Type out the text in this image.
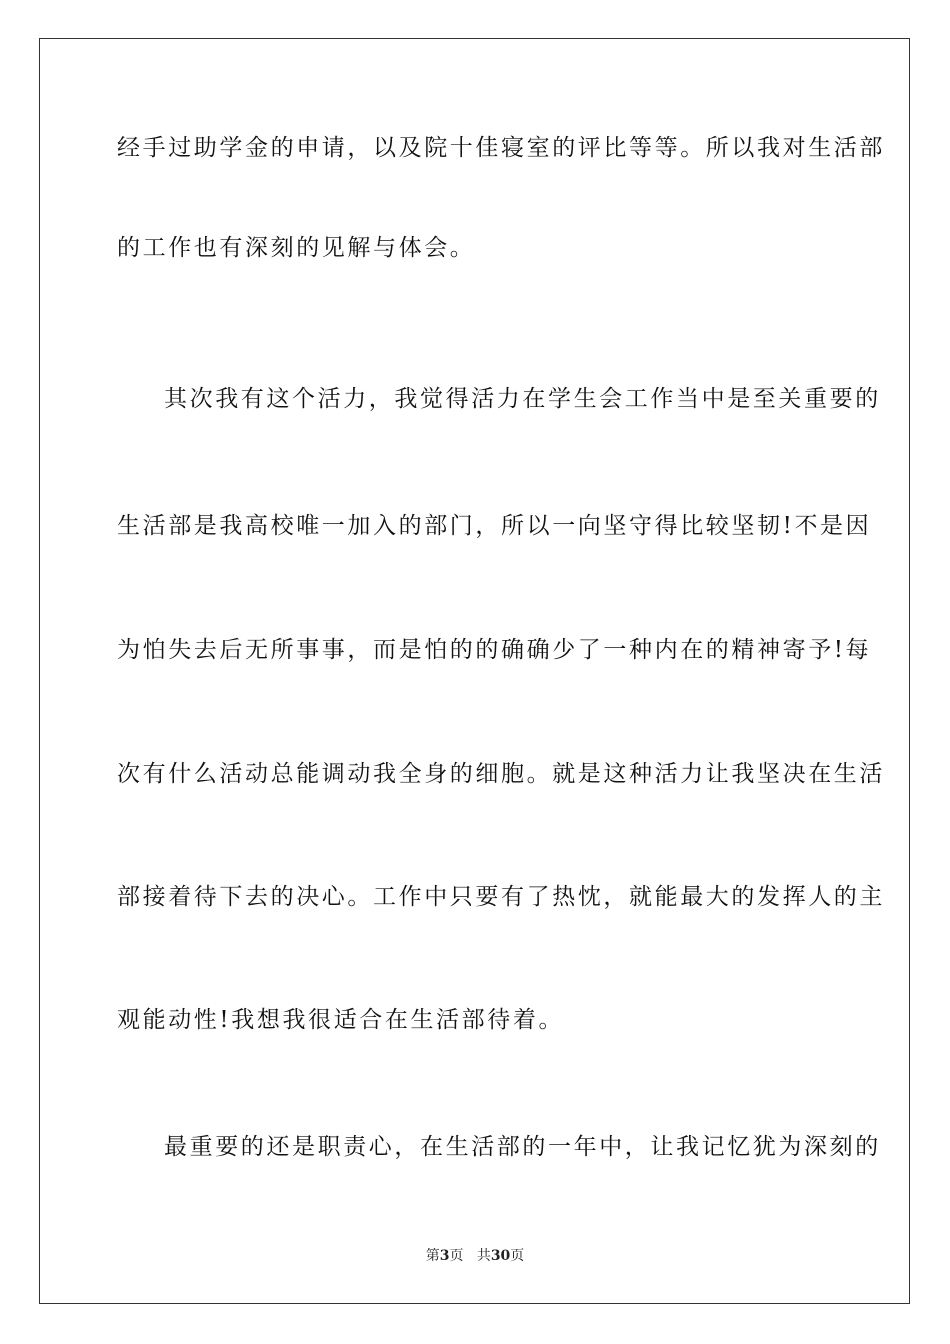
经手过助学金的申请，以及院十佳寝室的评比等等。所以我对生活部
的工作也有深刻的见解与体会。
其次我有这个活力，我觉得活力在学生会工作当中是至关重要的
生活部是我高校唯一加入的部门，所以一向坚守得比较坚韧!不是因
为怕失去后无所事事，而是怕的的确确少了一种内在的精神寄予!每
次有什么活动总能调动我全身的细胞。就是这种活力让我坚决在生活
部接着待下去的决心。工作中只要有了热忱，就能最大的发挥人的主
观能动性!我想我很适合在生活部待着。
最重要的还是职责心，在生活部的一年中，让我记忆犹为深刻的
第3页 共30页
